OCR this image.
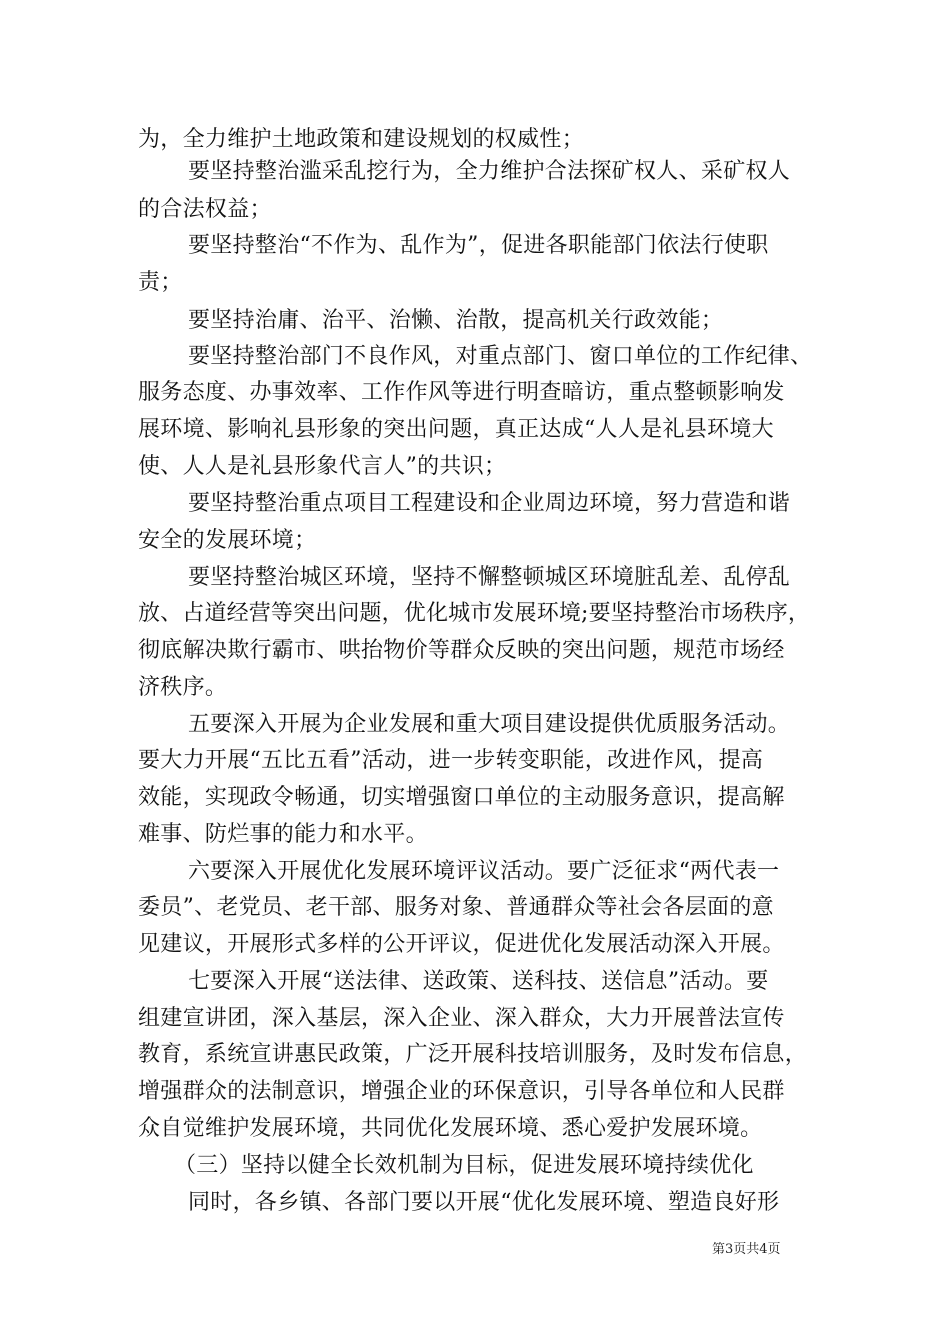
为，全力维护土地政策和建设规划的权威性；
要坚持整治滥采乱挖行为，全力维护合法探矿权人、采矿权人
的合法权益；
要坚持整治“不作为、乱作为”，促进各职能部门依法行使职
责；
要坚持治庸、治平、治懒、治散，提高机关行政效能；
要坚持整治部门不良作风，对重点部门、窗口单位的工作纪律、
服务态度、办事效率、工作作风等进行明查暗访，重点整顿影响发
展环境、影响礼县形象的突出问题，真正达成“人人是礼县环境大
使、人人是礼县形象代言人”的共识；
要坚持整治重点项目工程建设和企业周边环境，努力营造和谐
安全的发展环境；
要坚持整治城区环境，坚持不懈整顿城区环境脏乱差、乱停乱
放、占道经营等突出问题，优化城市发展环境;要坚持整治市场秩序，
彻底解决欺行霸市、哄抬物价等群众反映的突出问题，规范市场经
济秩序。
五要深入开展为企业发展和重大项目建设提供优质服务活动。
要大力开展“五比五看”活动，进一步转变职能，改进作风，提高
效能，实现政令畅通，切实增强窗口单位的主动服务意识，提高解
难事、防烂事的能力和水平。
六要深入开展优化发展环境评议活动。要广泛征求“两代表一
委员”、老党员、老干部、服务对象、普通群众等社会各层面的意
见建议，开展形式多样的公开评议，促进优化发展活动深入开展。
七要深入开展“送法律、送政策、送科技、送信息”活动。要
组建宣讲团，深入基层，深入企业、深入群众，大力开展普法宣传
教育，系统宣讲惠民政策，广泛开展科技培训服务，及时发布信息，
增强群众的法制意识，增强企业的环保意识，引导各单位和人民群
众自觉维护发展环境，共同优化发展环境、悉心爱护发展环境。
（三）坚持以健全长效机制为目标，促进发展环境持续优化
同时，各乡镇、各部门要以开展“优化发展环境、塑造良好形
第3页共4页
